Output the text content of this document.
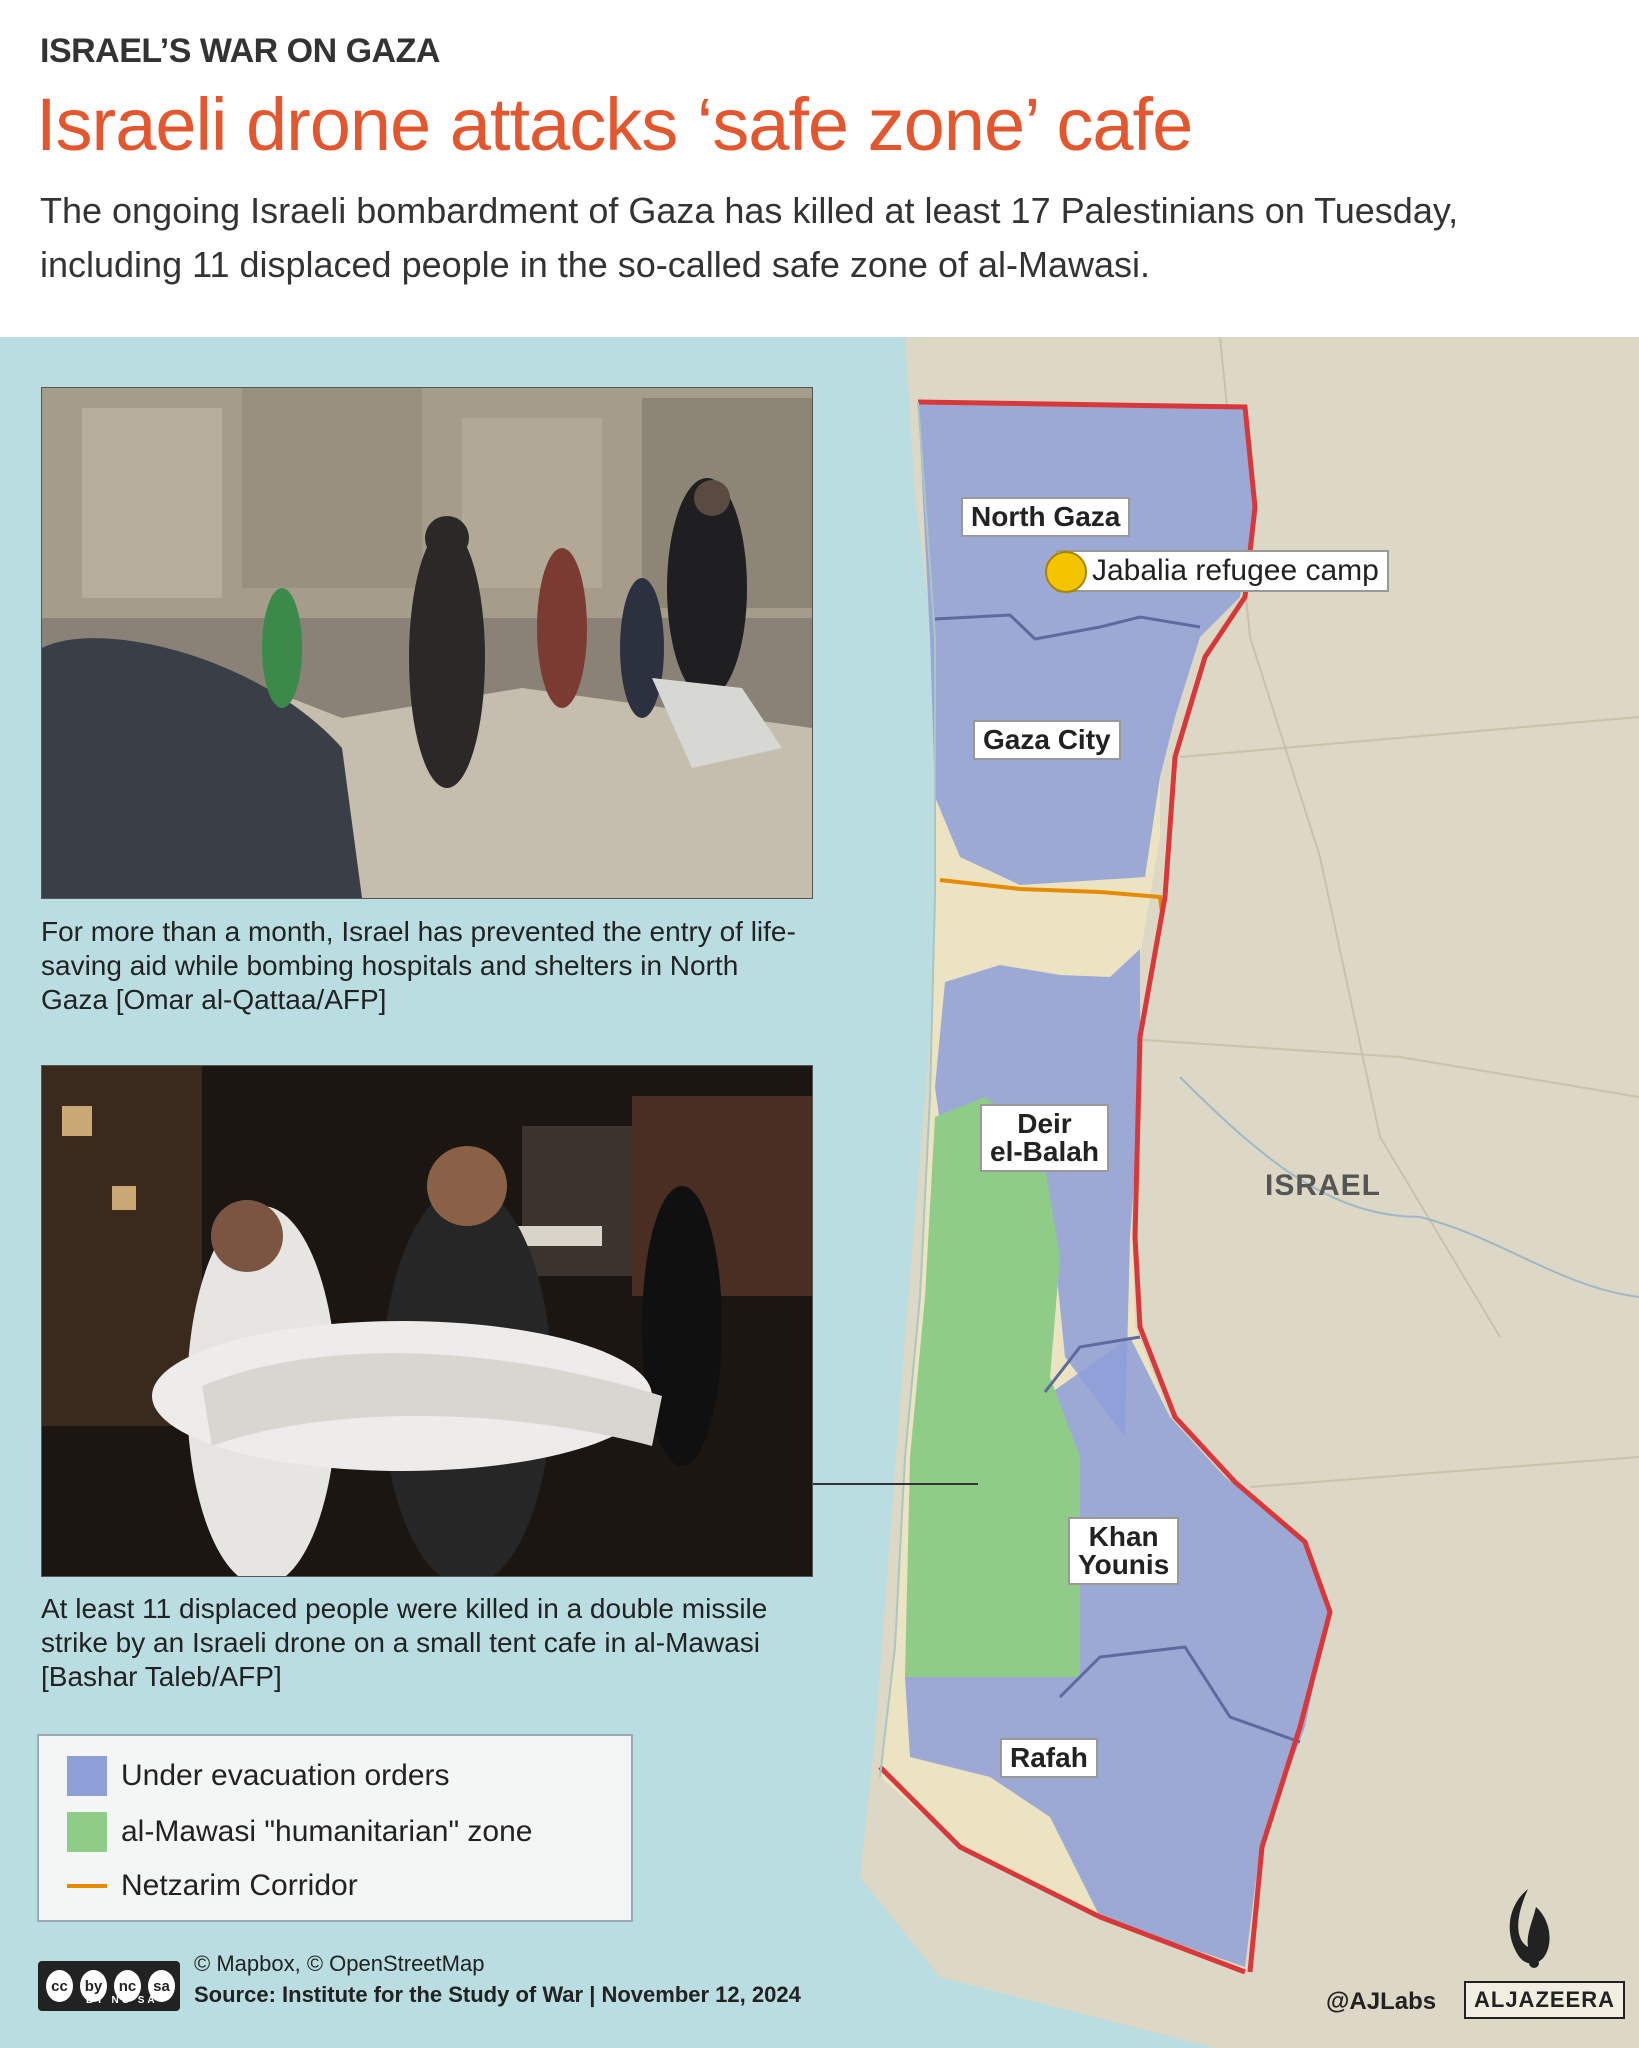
ISRAEL’S WAR ON GAZA
Israeli drone attacks ‘safe zone’ cafe
The ongoing Israeli bombardment of Gaza has killed at least 17 Palestinians on Tuesday, including 11 displaced people in the so-called safe zone of al-Mawasi.
For more than a month, Israel has prevented the entry of life-saving aid while bombing hospitals and shelters in North Gaza [Omar al-Qattaa/AFP]
At least 11 displaced people were killed in a double missile strike by an Israeli drone on a small tent cafe in al-Mawasi [Bashar Taleb/AFP]
North Gaza
Jabalia refugee camp
Gaza City
Deir
el-Balah
Khan
Younis
Rafah
ISRAEL
Under evacuation orders
al-Mawasi "humanitarian" zone
Netzarim Corridor
cc	by	nc	sa
BY NC SA
© Mapbox, © OpenStreetMap
Source: Institute for the Study of War | November 12, 2024	@AJLabs	ALJAZEERA
